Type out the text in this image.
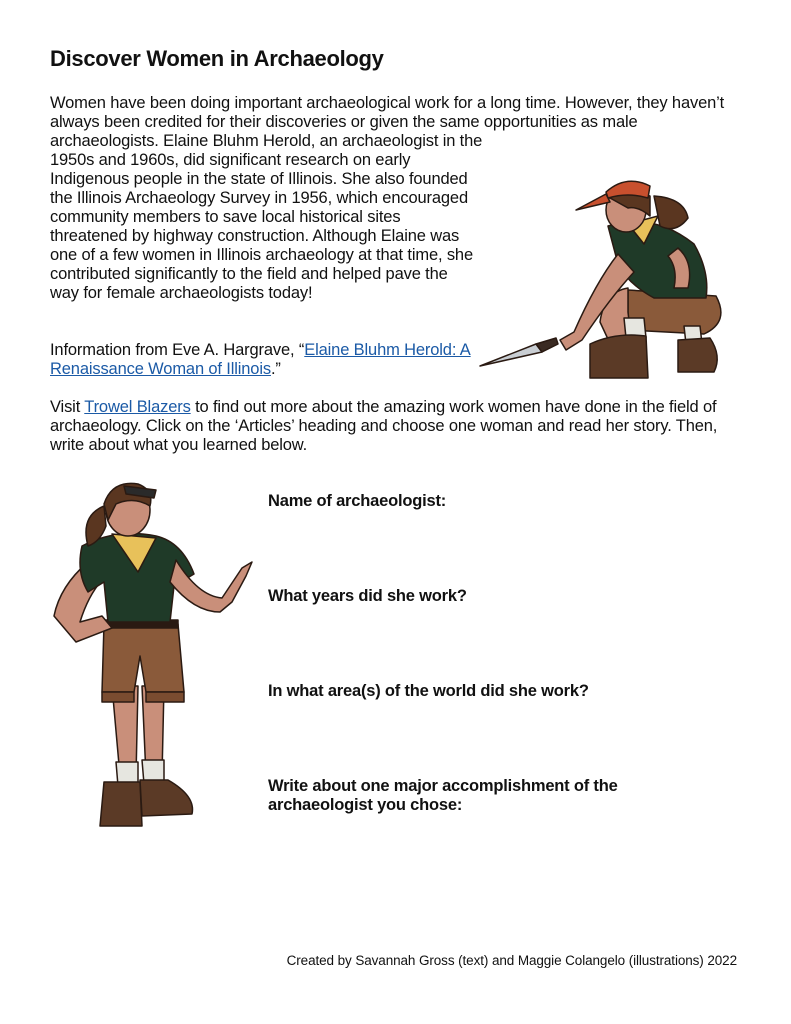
Discover Women in Archaeology

Women have been doing important archaeological work for a long time. However, they haven’t always been credited for their discoveries or given the same opportunities as male archaeologists. Elaine Bluhm Herold, an archaeologist in the

1950s and 1960s, did significant research on early Indigenous people in the state of Illinois. She also founded the Illinois Archaeology Survey in 1956, which encouraged community members to save local historical sites threatened by highway construction. Although Elaine was one of a few women in Illinois archaeology at that time, she contributed significantly to the field and helped pave the way for female archaeologists today!

Information from Eve A. Hargrave, “Elaine Bluhm Herold: A Renaissance Woman of Illinois.”

Visit Trowel Blazers to find out more about the amazing work women have done in the field of archaeology. Click on the ‘Articles’ heading and choose one woman and read her story. Then, write about what you learned below.

Name of archaeologist:

What years did she work?

In what area(s) of the world did she work?

Write about one major accomplishment of the archaeologist you chose:

Created by Savannah Gross (text) and Maggie Colangelo (illustrations) 2022
